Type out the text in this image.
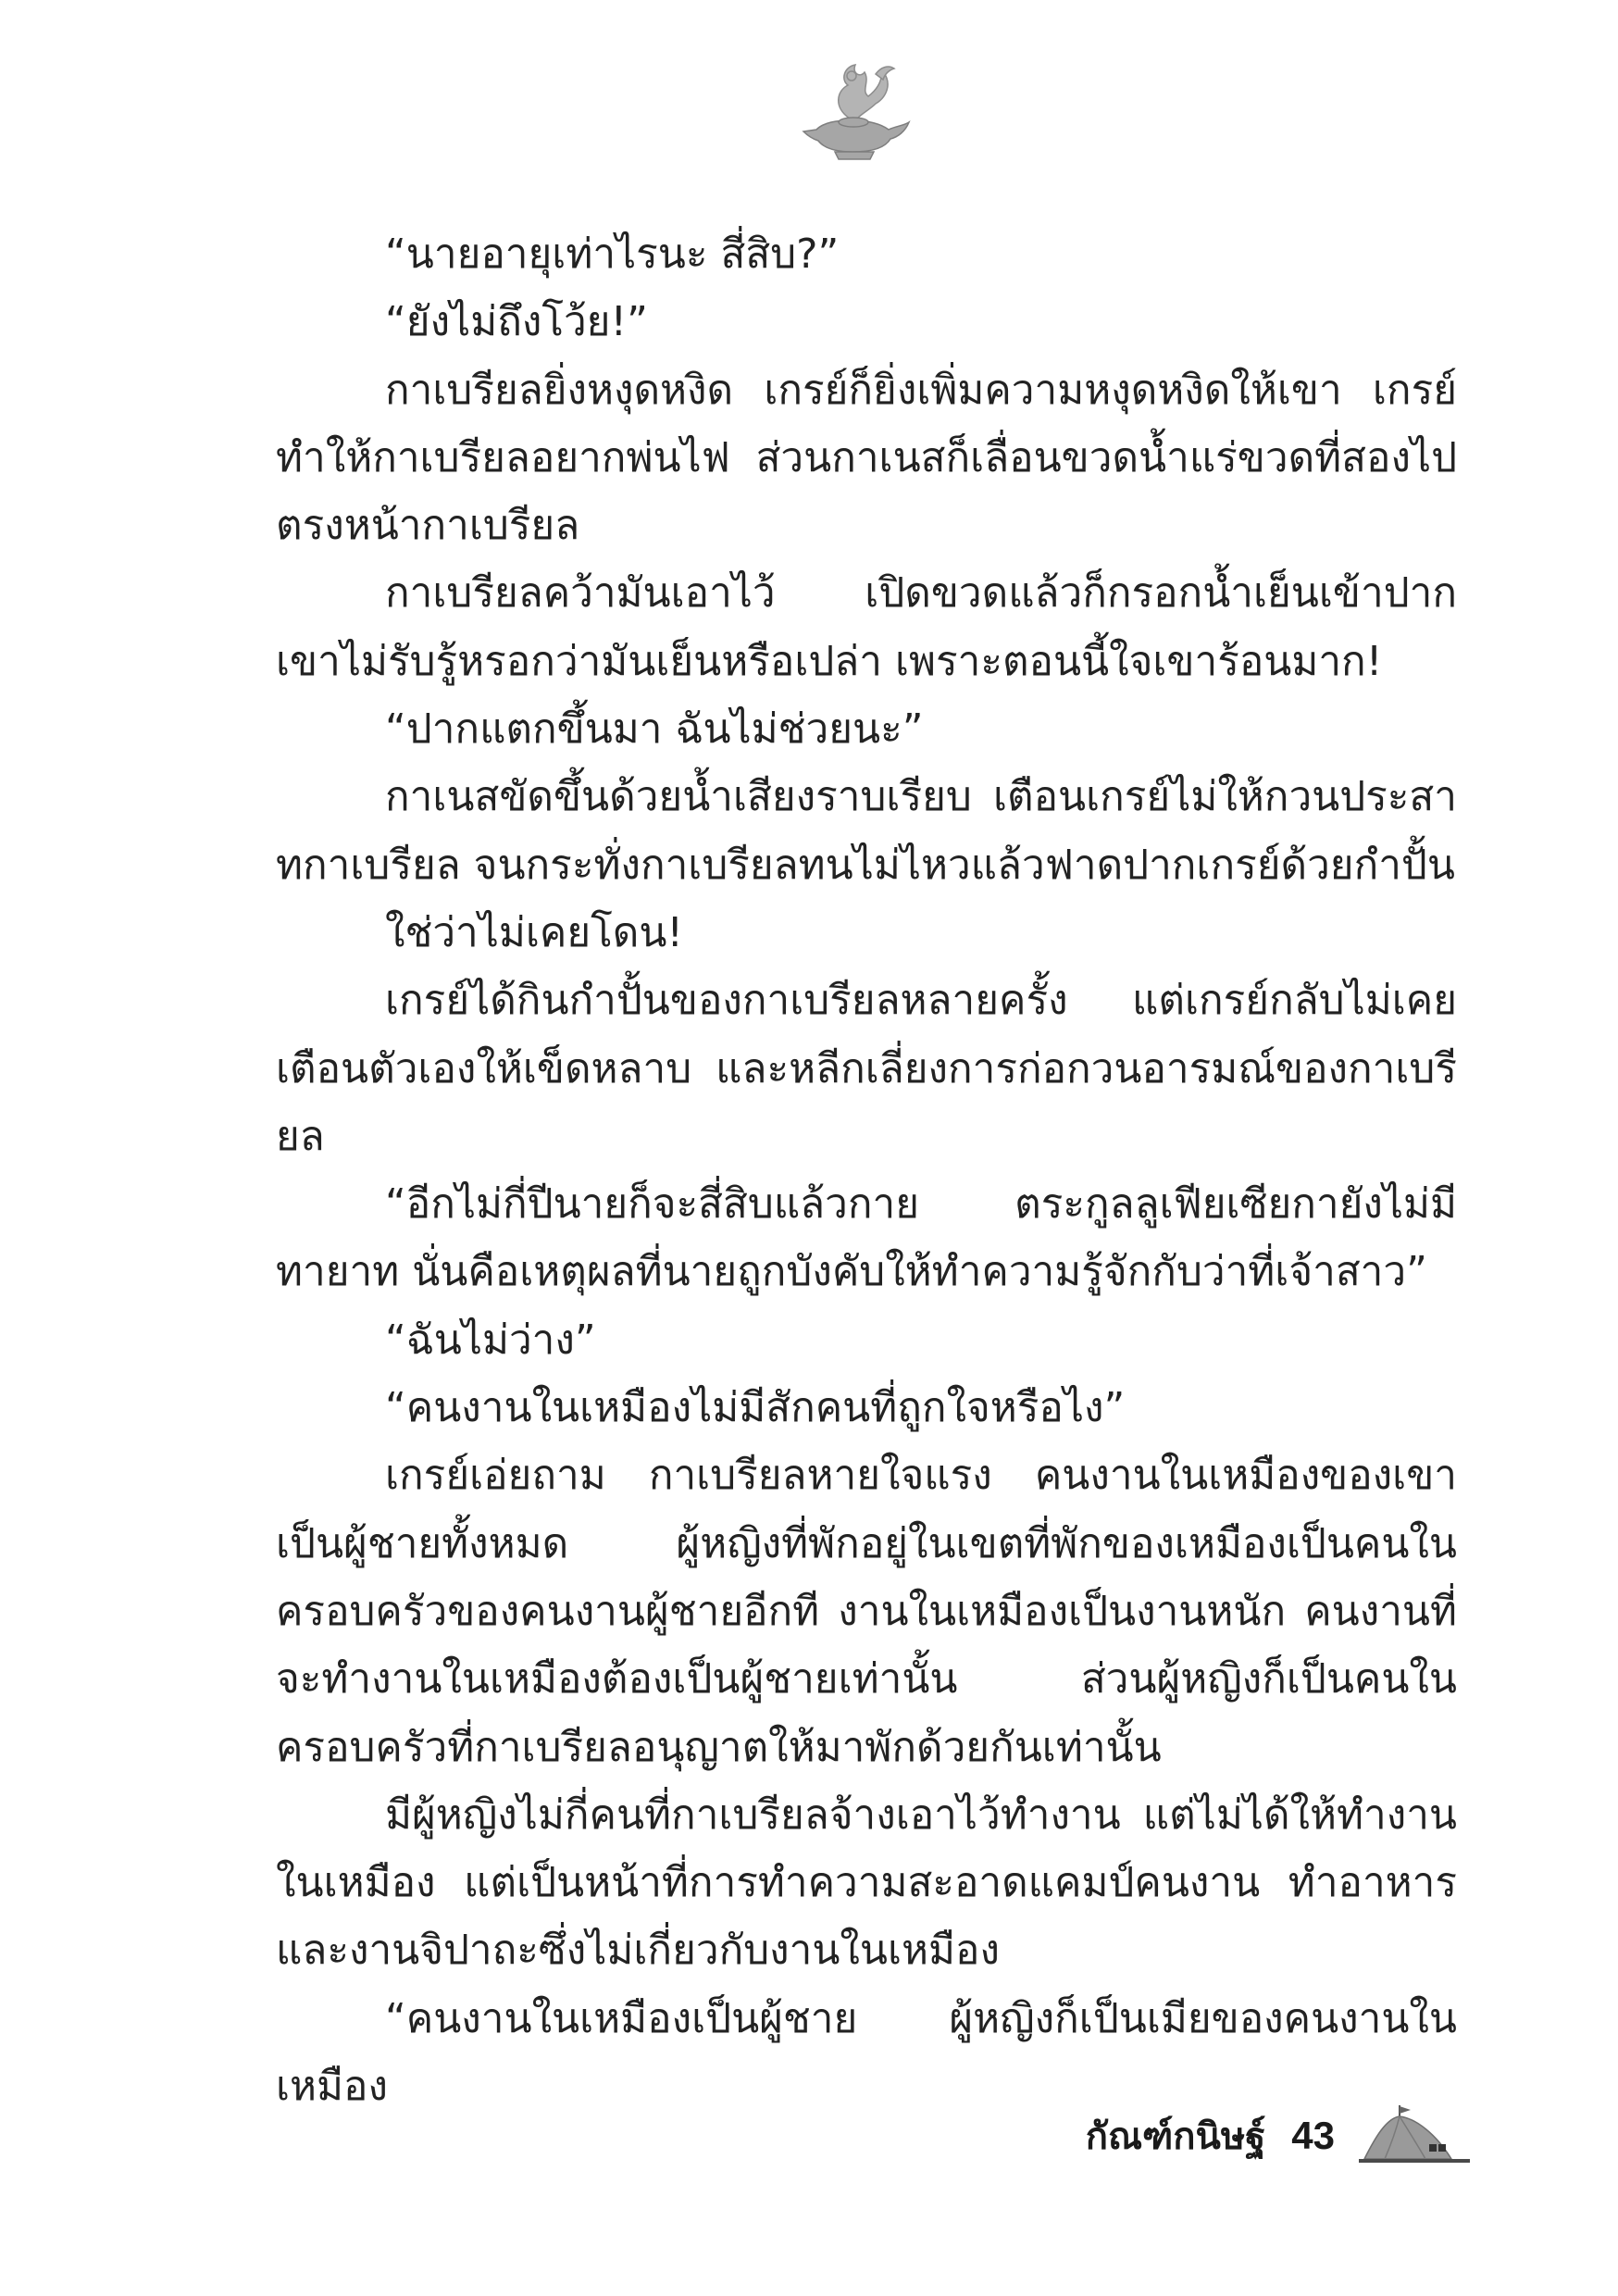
“นายอายุเท่าไรนะ สี่สิบ?”

“ยังไม่ถึงโว้ย!”

กาเบรียลยิ่งหงุดหงิด เกรย์ก็ยิ่งเพิ่มความหงุดหงิดให้เขา เกรย์ทำให้กาเบรียลอยากพ่นไฟ ส่วนกาเนสก็เลื่อนขวดน้ำแร่ขวดที่สองไปตรงหน้ากาเบรียล

กาเบรียลคว้ามันเอาไว้ เปิดขวดแล้วก็กรอกน้ำเย็นเข้าปาก เขาไม่รับรู้หรอกว่ามันเย็นหรือเปล่า เพราะตอนนี้ใจเขาร้อนมาก!

“ปากแตกขึ้นมา ฉันไม่ช่วยนะ”

กาเนสขัดขึ้นด้วยน้ำเสียงราบเรียบ เตือนเกรย์ไม่ให้กวนประสาทกาเบรียล จนกระทั่งกาเบรียลทนไม่ไหวแล้วฟาดปากเกรย์ด้วยกำปั้น

ใช่ว่าไม่เคยโดน!

เกรย์ได้กินกำปั้นของกาเบรียลหลายครั้ง แต่เกรย์กลับไม่เคยเตือนตัวเองให้เข็ดหลาบ และหลีกเลี่ยงการก่อกวนอารมณ์ของกาเบรียล

“อีกไม่กี่ปีนายก็จะสี่สิบแล้วกาย ตระกูลลูเฟียเซียกายังไม่มีทายาท นั่นคือเหตุผลที่นายถูกบังคับให้ทำความรู้จักกับว่าที่เจ้าสาว”

“ฉันไม่ว่าง”

“คนงานในเหมืองไม่มีสักคนที่ถูกใจหรือไง”

เกรย์เอ่ยถาม กาเบรียลหายใจแรง คนงานในเหมืองของเขาเป็นผู้ชายทั้งหมด ผู้หญิงที่พักอยู่ในเขตที่พักของเหมืองเป็นคนในครอบครัวของคนงานผู้ชายอีกที งานในเหมืองเป็นงานหนัก คนงานที่จะทำงานในเหมืองต้องเป็นผู้ชายเท่านั้น ส่วนผู้หญิงก็เป็นคนในครอบครัวที่กาเบรียลอนุญาตให้มาพักด้วยกันเท่านั้น

มีผู้หญิงไม่กี่คนที่กาเบรียลจ้างเอาไว้ทำงาน แต่ไม่ได้ให้ทำงานในเหมือง แต่เป็นหน้าที่การทำความสะอาดแคมป์คนงาน ทำอาหารและงานจิปาถะซึ่งไม่เกี่ยวกับงานในเหมือง

“คนงานในเหมืองเป็นผู้ชาย ผู้หญิงก็เป็นเมียของคนงานในเหมือง

กัณฑ์กนิษฐ์ 43
